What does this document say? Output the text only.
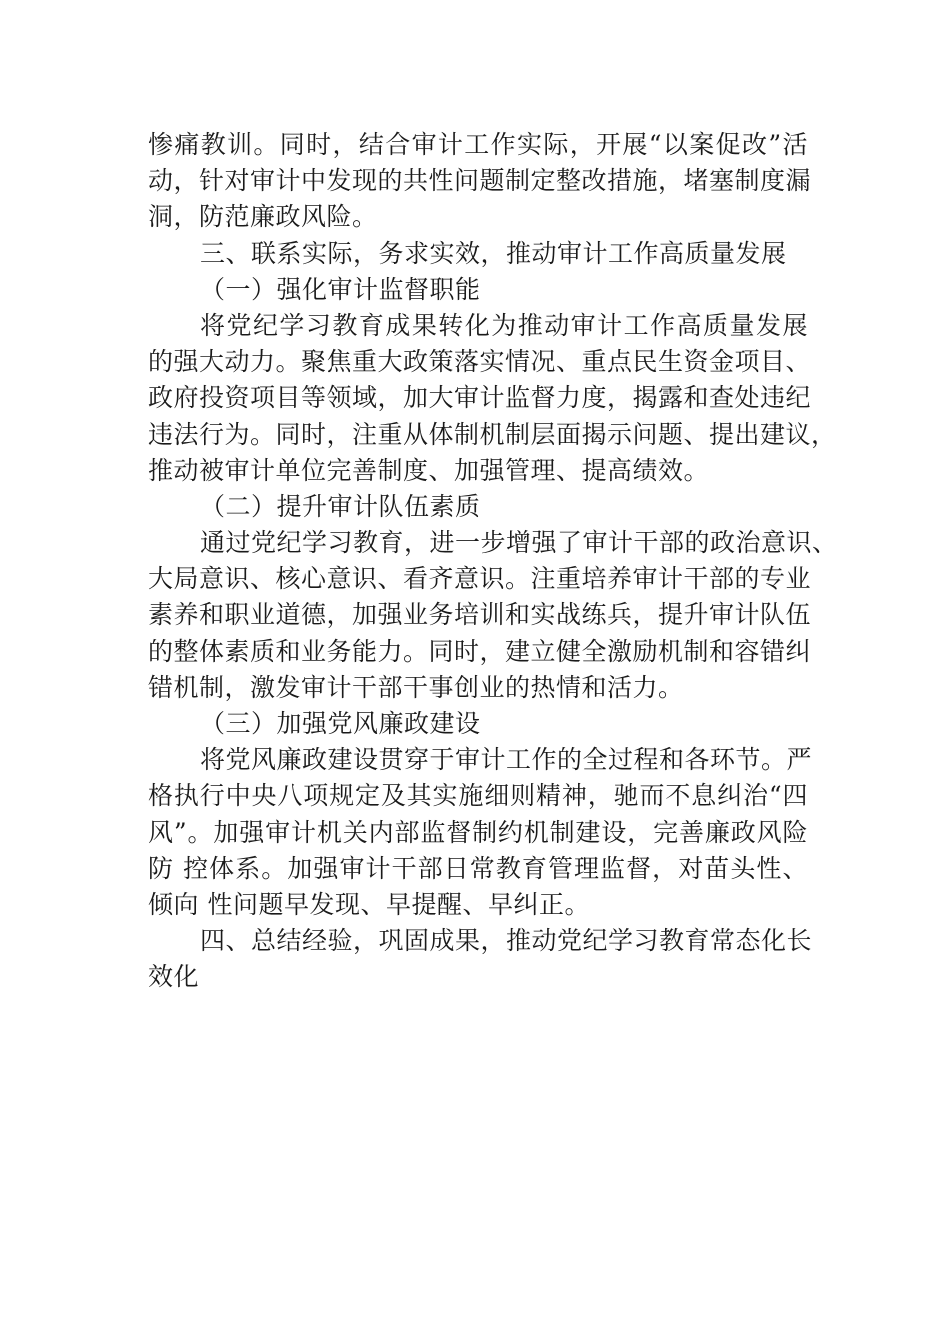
惨痛教训。同时，结合审计工作实际，开展“以案促改”活
动，针对审计中发现的共性问题制定整改措施，堵塞制度漏
洞，防范廉政风险。
三、联系实际，务求实效，推动审计工作高质量发展
（一）强化审计监督职能
将党纪学习教育成果转化为推动审计工作高质量发展
的强大动力。聚焦重大政策落实情况、重点民生资金项目、
政府投资项目等领域，加大审计监督力度，揭露和查处违纪
违法行为。同时，注重从体制机制层面揭示问题、提出建议，
推动被审计单位完善制度、加强管理、提高绩效。
（二）提升审计队伍素质
通过党纪学习教育，进一步增强了审计干部的政治意识、
大局意识、核心意识、看齐意识。注重培养审计干部的专业
素养和职业道德，加强业务培训和实战练兵，提升审计队伍
的整体素质和业务能力。同时，建立健全激励机制和容错纠
错机制，激发审计干部干事创业的热情和活力。
（三）加强党风廉政建设
将党风廉政建设贯穿于审计工作的全过程和各环节。严
格执行中央八项规定及其实施细则精神，驰而不息纠治“四
风”。加强审计机关内部监督制约机制建设，完善廉政风险
防 控体系。加强审计干部日常教育管理监督，对苗头性、
倾向 性问题早发现、早提醒、早纠正。
四、总结经验，巩固成果，推动党纪学习教育常态化长
效化
